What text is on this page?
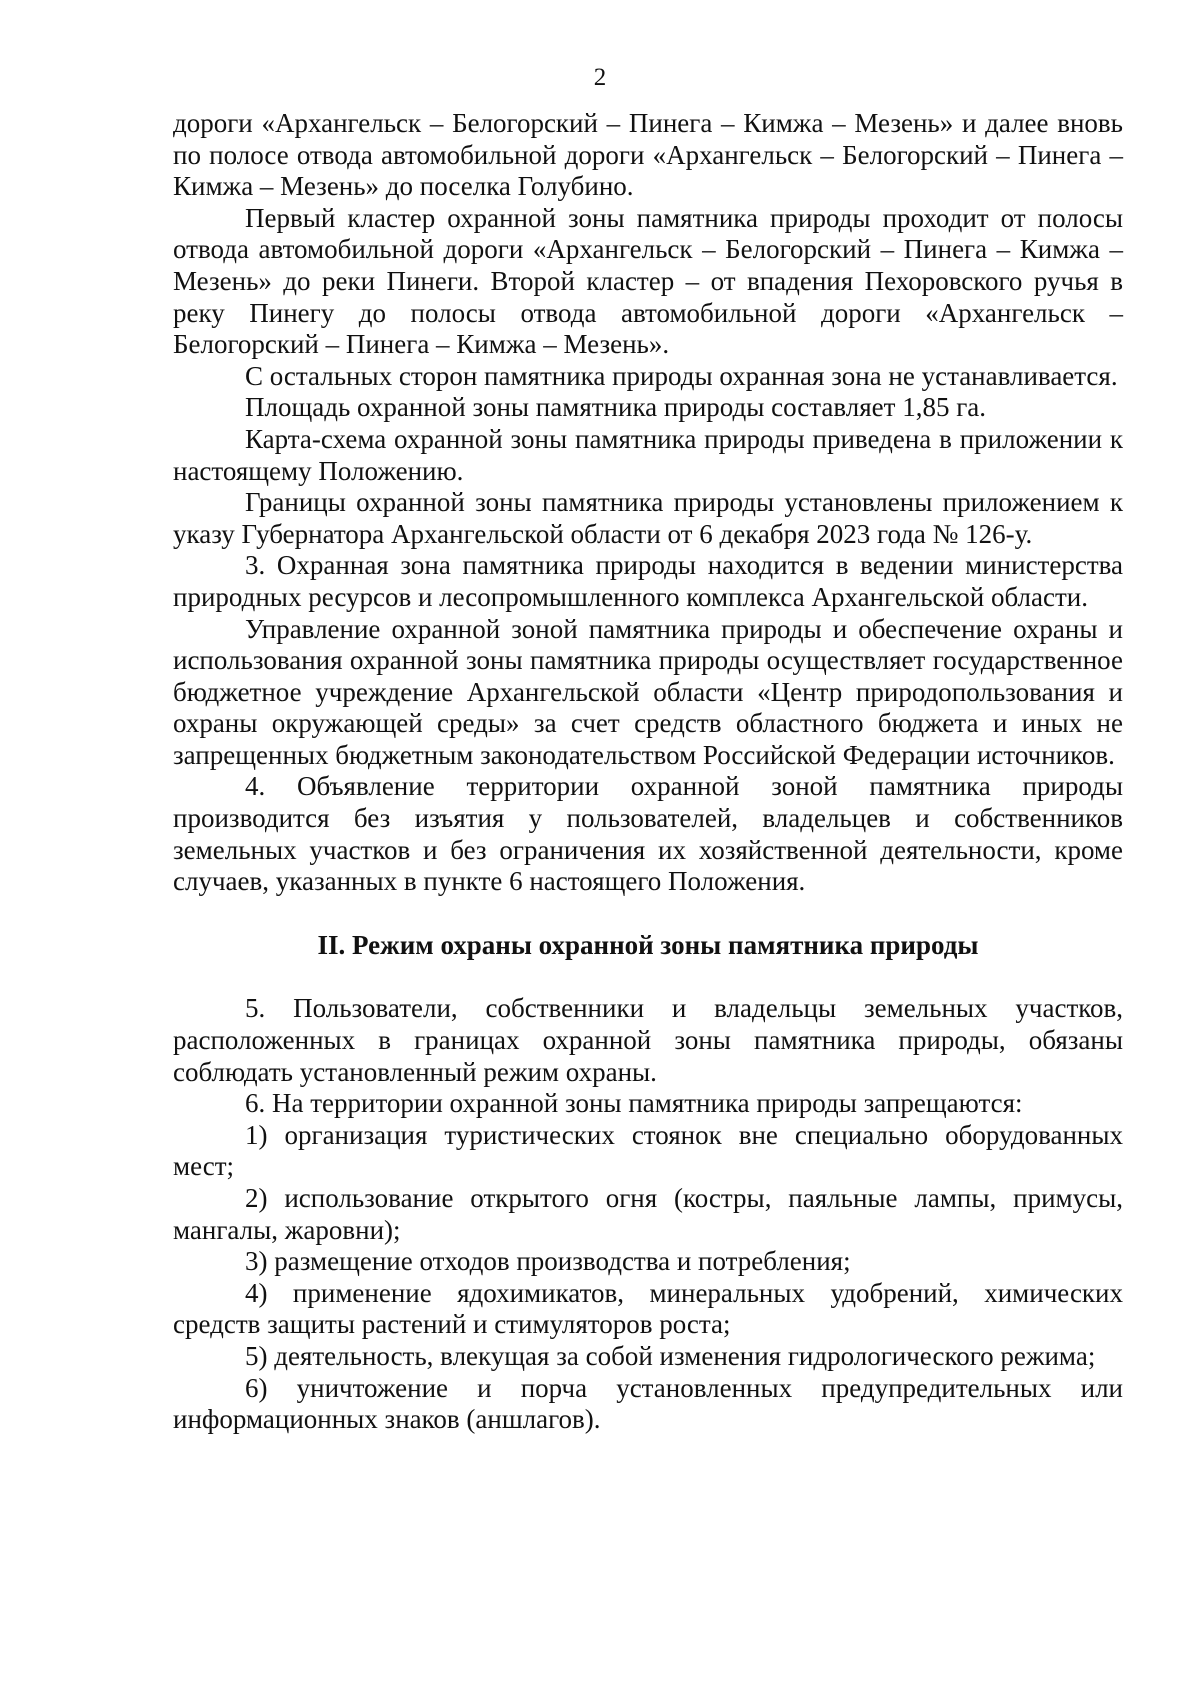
2

дороги «Архангельск – Белогорский – Пинега – Кимжа – Мезень» и далее вновь по полосе отвода автомобильной дороги «Архангельск – Белогорский – Пинега – Кимжа – Мезень» до поселка Голубино.

Первый кластер охранной зоны памятника природы проходит от полосы отвода автомобильной дороги «Архангельск – Белогорский – Пинега – Кимжа – Мезень» до реки Пинеги. Второй кластер – от впадения Пехоровского ручья в реку Пинегу до полосы отвода автомобильной дороги «Архангельск – Белогорский – Пинега – Кимжа – Мезень».

С остальных сторон памятника природы охранная зона не устанавливается.

Площадь охранной зоны памятника природы составляет 1,85 га.

Карта-схема охранной зоны памятника природы приведена в приложении к настоящему Положению.

Границы охранной зоны памятника природы установлены приложением к указу Губернатора Архангельской области от 6 декабря 2023 года № 126-у.

3. Охранная зона памятника природы находится в ведении министерства природных ресурсов и лесопромышленного комплекса Архангельской области.

Управление охранной зоной памятника природы и обеспечение охраны и использования охранной зоны памятника природы осуществляет государственное бюджетное учреждение Архангельской области «Центр природопользования и охраны окружающей среды» за счет средств областного бюджета и иных не запрещенных бюджетным законодательством Российской Федерации источников.

4. Объявление территории охранной зоной памятника природы производится без изъятия у пользователей, владельцев и собственников земельных участков и без ограничения их хозяйственной деятельности, кроме случаев, указанных в пункте 6 настоящего Положения.

II. Режим охраны охранной зоны памятника природы

5. Пользователи, собственники и владельцы земельных участков, расположенных в границах охранной зоны памятника природы, обязаны соблюдать установленный режим охраны.

6. На территории охранной зоны памятника природы запрещаются:

1) организация туристических стоянок вне специально оборудованных мест;

2) использование открытого огня (костры, паяльные лампы, примусы, мангалы, жаровни);

3) размещение отходов производства и потребления;

4) применение ядохимикатов, минеральных удобрений, химических средств защиты растений и стимуляторов роста;

5) деятельность, влекущая за собой изменения гидрологического режима;

6) уничтожение и порча установленных предупредительных или информационных знаков (аншлагов).
